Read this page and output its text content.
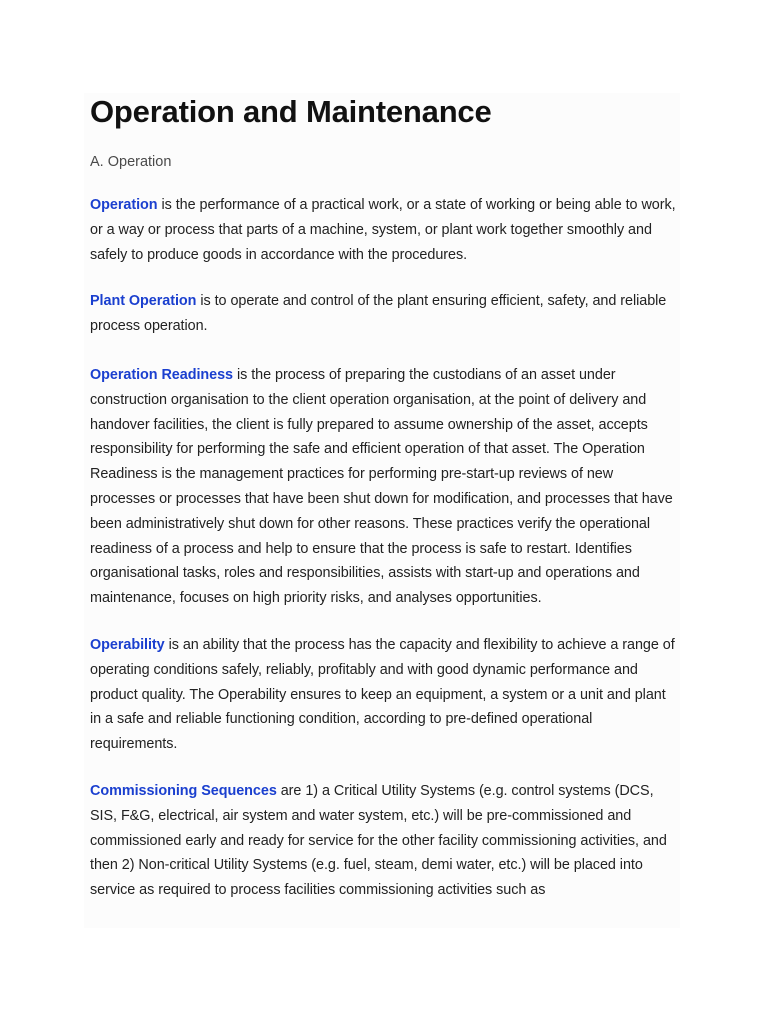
Operation and Maintenance
A. Operation

Operation is the performance of a practical work, or a state of working or being able to work, or a way or process that parts of a machine, system, or plant work together smoothly and safely to produce goods in accordance with the procedures.

Plant Operation is to operate and control of the plant ensuring efficient, safety, and reliable process operation.

Operation Readiness is the process of preparing the custodians of an asset under construction organisation to the client operation organisation, at the point of delivery and handover facilities, the client is fully prepared to assume ownership of the asset, accepts responsibility for performing the safe and efficient operation of that asset. The Operation Readiness is the management practices for performing pre-start-up reviews of new processes or processes that have been shut down for modification, and processes that have been administratively shut down for other reasons. These practices verify the operational readiness of a process and help to ensure that the process is safe to restart. Identifies organisational tasks, roles and responsibilities, assists with start-up and operations and maintenance, focuses on high priority risks, and analyses opportunities.

Operability is an ability that the process has the capacity and flexibility to achieve a range of operating conditions safely, reliably, profitably and with good dynamic performance and product quality. The Operability ensures to keep an equipment, a system or a unit and plant in a safe and reliable functioning condition, according to pre-defined operational requirements.

Commissioning Sequences are 1) a Critical Utility Systems (e.g. control systems (DCS, SIS, F&G, electrical, air system and water system, etc.) will be pre-commissioned and commissioned early and ready for service for the other facility commissioning activities, and then 2) Non-critical Utility Systems (e.g. fuel, steam, demi water, etc.) will be placed into service as required to process facilities commissioning activities such as
